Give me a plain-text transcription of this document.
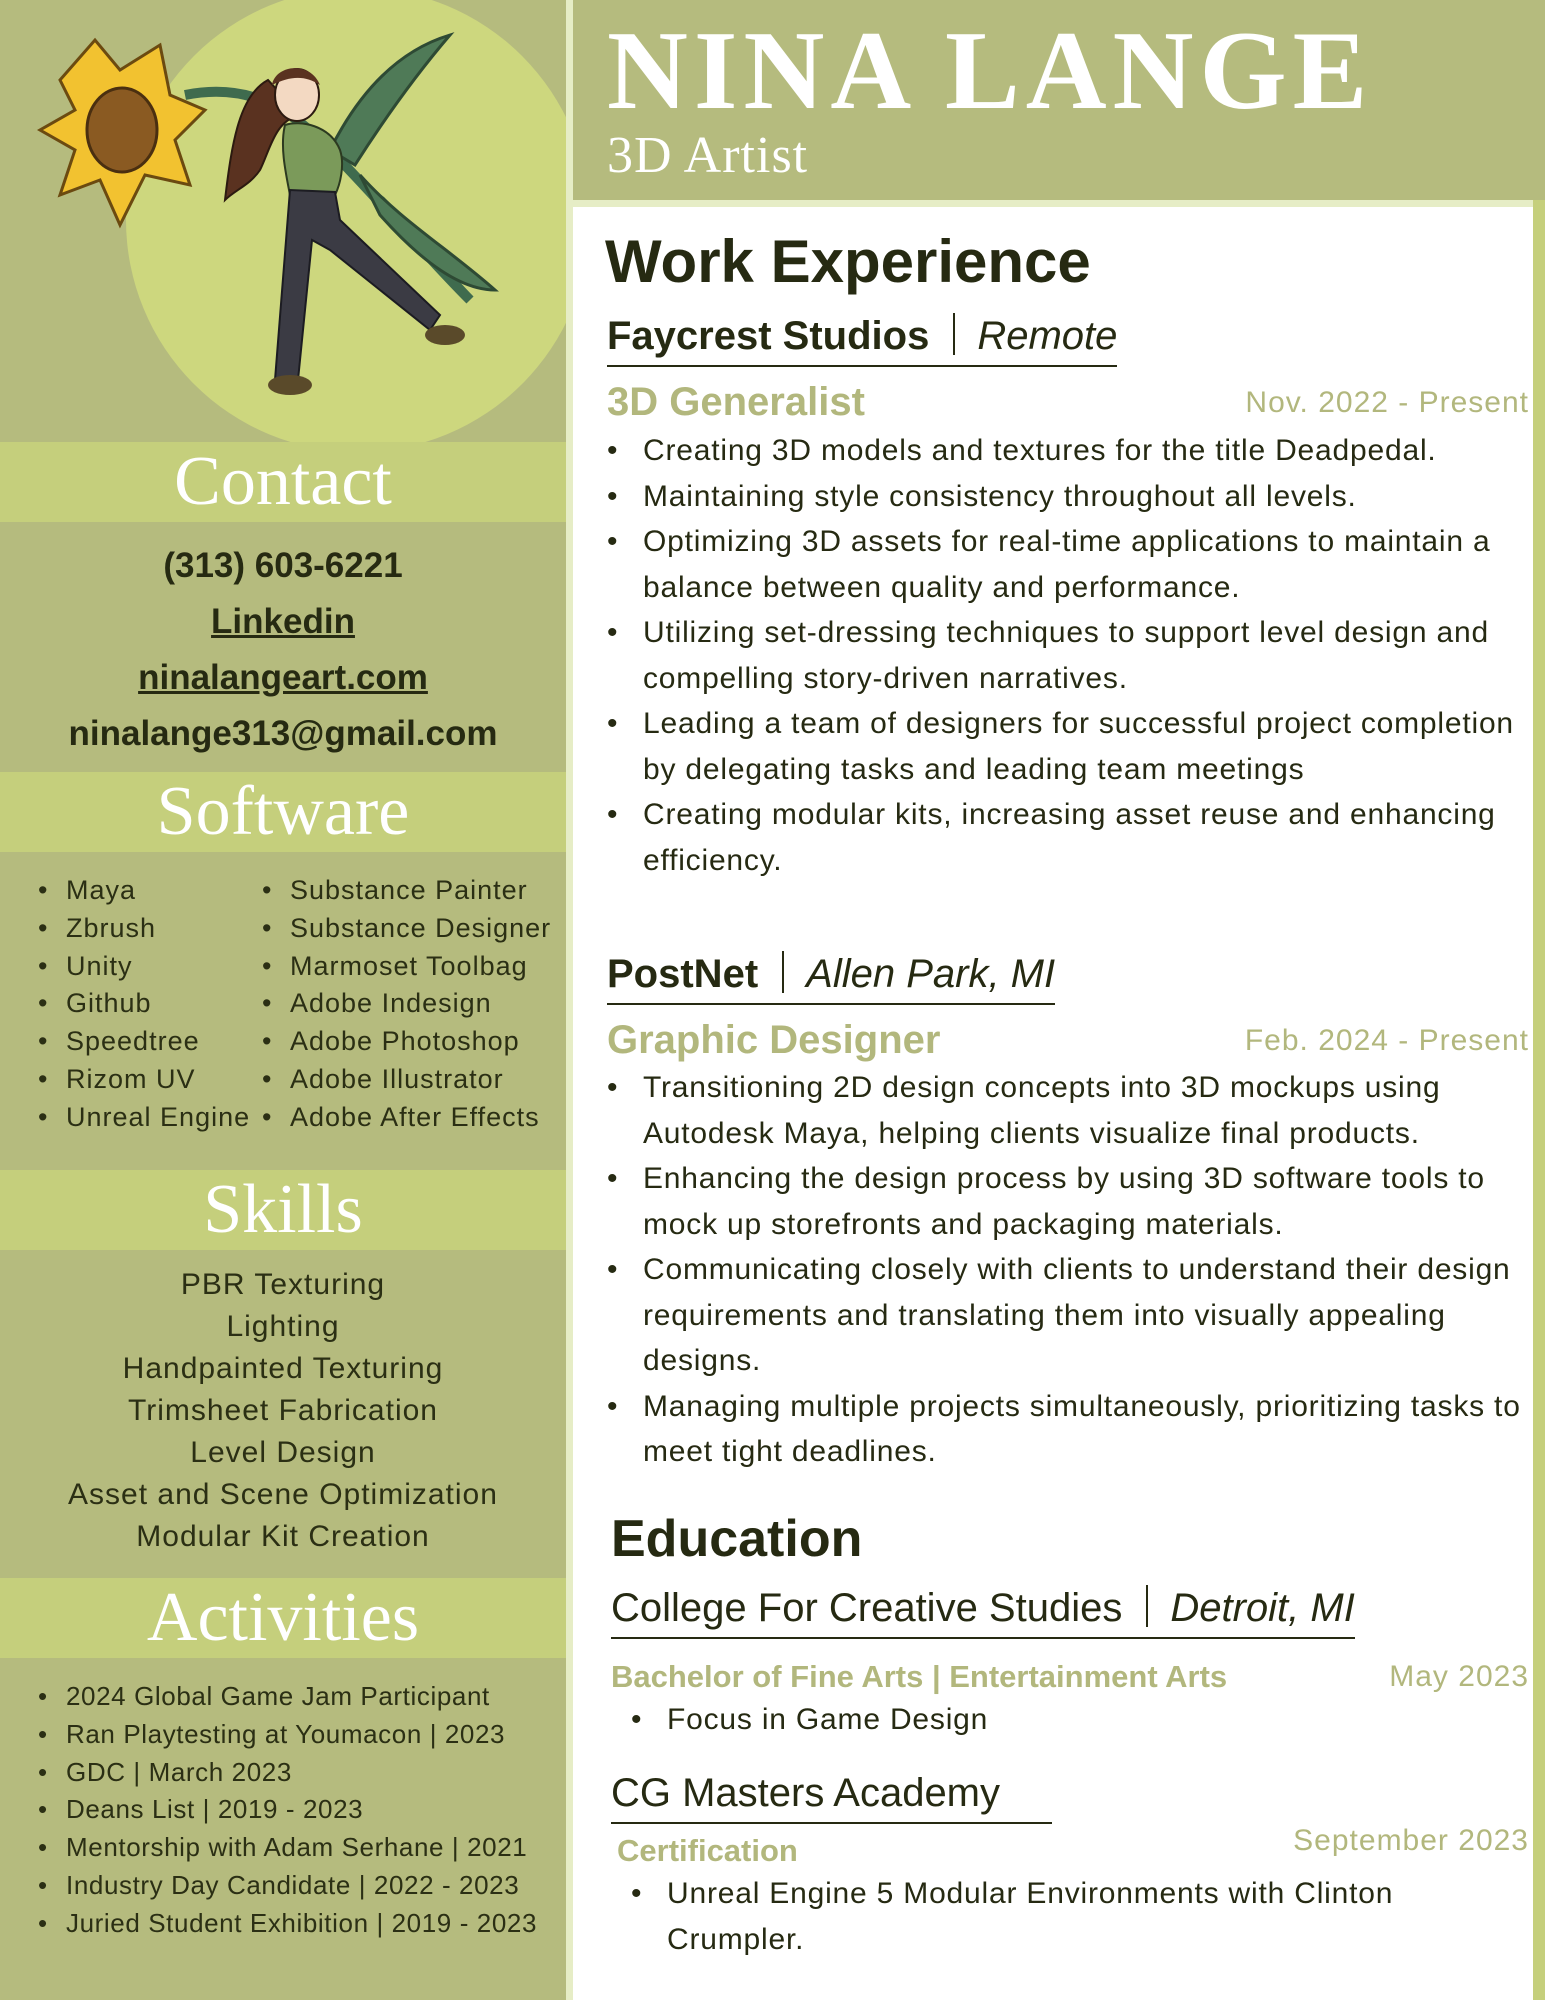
Contact
(313) 603-6221
Linkedin
ninalangeart.com
ninalange313@gmail.com
Software
• Maya
• Zbrush
• Unity
• Github
• Speedtree
• Rizom UV
• Unreal Engine
• Substance Painter
• Substance Designer
• Marmoset Toolbag
• Adobe Indesign
• Adobe Photoshop
• Adobe Illustrator
• Adobe After Effects
Skills
PBR Texturing
Lighting
Handpainted Texturing
Trimsheet Fabrication
Level Design
Asset and Scene Optimization
Modular Kit Creation
Activities
• 2024 Global Game Jam Participant
• Ran Playtesting at Youmacon | 2023
• GDC | March 2023
• Deans List | 2019 - 2023
• Mentorship with Adam Serhane | 2021
• Industry Day Candidate | 2022 - 2023
• Juried Student Exhibition | 2019 - 2023
NINA LANGE
3D Artist
Work Experience
Faycrest Studios Remote
3D Generalist	Nov. 2022 - Present
• Creating 3D models and textures for the title Deadpedal.
• Maintaining style consistency throughout all levels.
• Optimizing 3D assets for real-time applications to maintain a balance between quality and performance.
• Utilizing set-dressing techniques to support level design and compelling story-driven narratives.
• Leading a team of designers for successful project completion by delegating tasks and leading team meetings
• Creating modular kits, increasing asset reuse and enhancing efficiency.
PostNet Allen Park, MI
Graphic Designer	Feb. 2024 - Present
• Transitioning 2D design concepts into 3D mockups using Autodesk Maya, helping clients visualize final products.
• Enhancing the design process by using 3D software tools to mock up storefronts and packaging materials.
• Communicating closely with clients to understand their design requirements and translating them into visually appealing designs.
• Managing multiple projects simultaneously, prioritizing tasks to meet tight deadlines.
Education
College For Creative Studies Detroit, MI
Bachelor of Fine Arts | Entertainment Arts	May 2023
• Focus in Game Design
CG Masters Academy
Certification	September 2023
• Unreal Engine 5 Modular Environments with Clinton Crumpler.
